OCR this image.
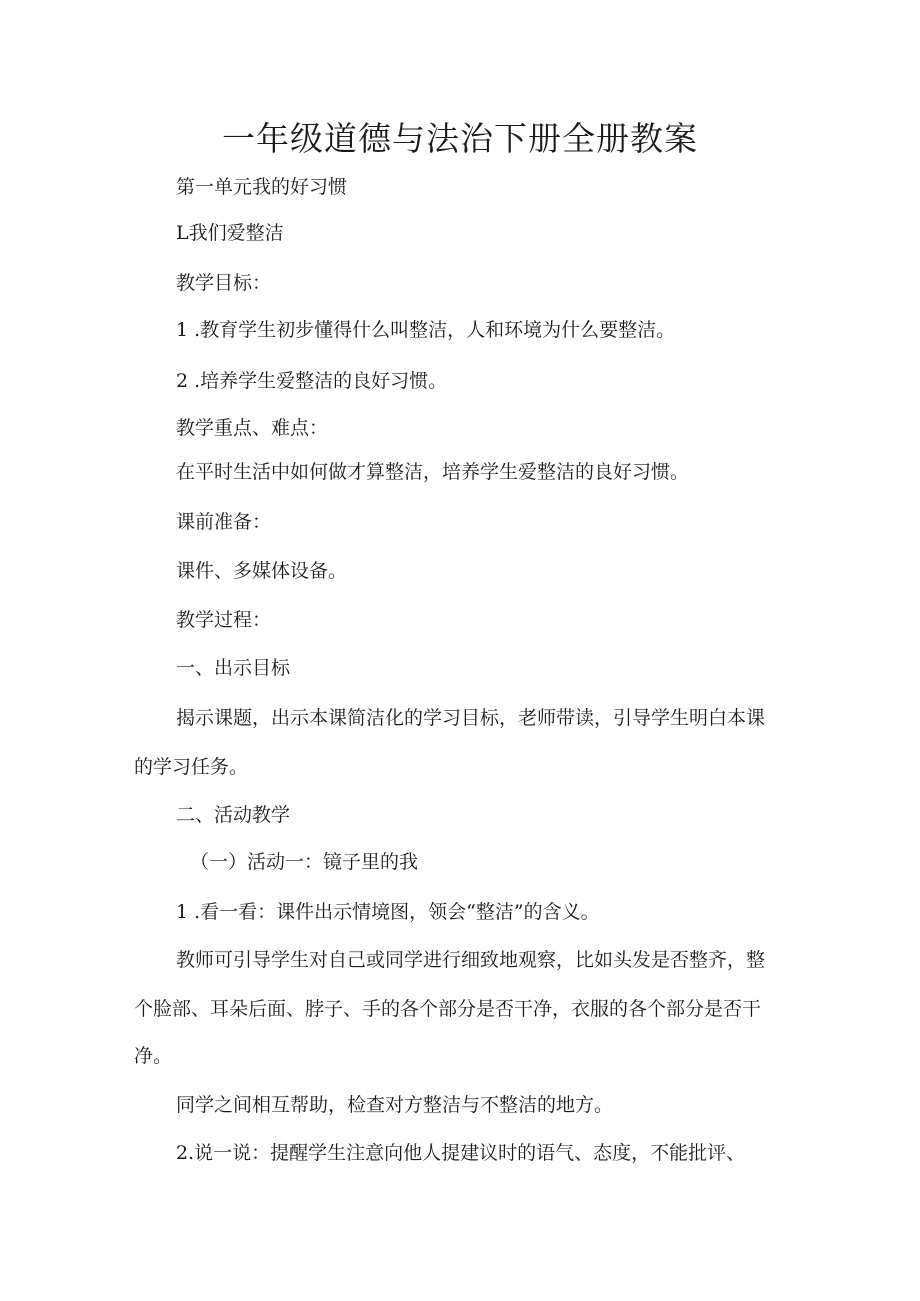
一年级道德与法治下册全册教案

第一单元我的好习惯

L我们爱整洁

教学目标：

1 .教育学生初步懂得什么叫整洁，人和环境为什么要整洁。

2 .培养学生爱整洁的良好习惯。

教学重点、难点：

在平时生活中如何做才算整洁，培养学生爱整洁的良好习惯。

课前准备：

课件、多媒体设备。

教学过程：

一、出示目标

揭示课题，出示本课简洁化的学习目标，老师带读，引导学生明白本课

的学习任务。

二、活动教学

（一）活动一：镜子里的我

1 .看一看：课件出示情境图，领会“整洁”的含义。

教师可引导学生对自己或同学进行细致地观察，比如头发是否整齐，整

个脸部、耳朵后面、脖子、手的各个部分是否干净，衣服的各个部分是否干

净。

同学之间相互帮助，检查对方整洁与不整洁的地方。

2.说一说：提醒学生注意向他人提建议时的语气、态度，不能批评、
